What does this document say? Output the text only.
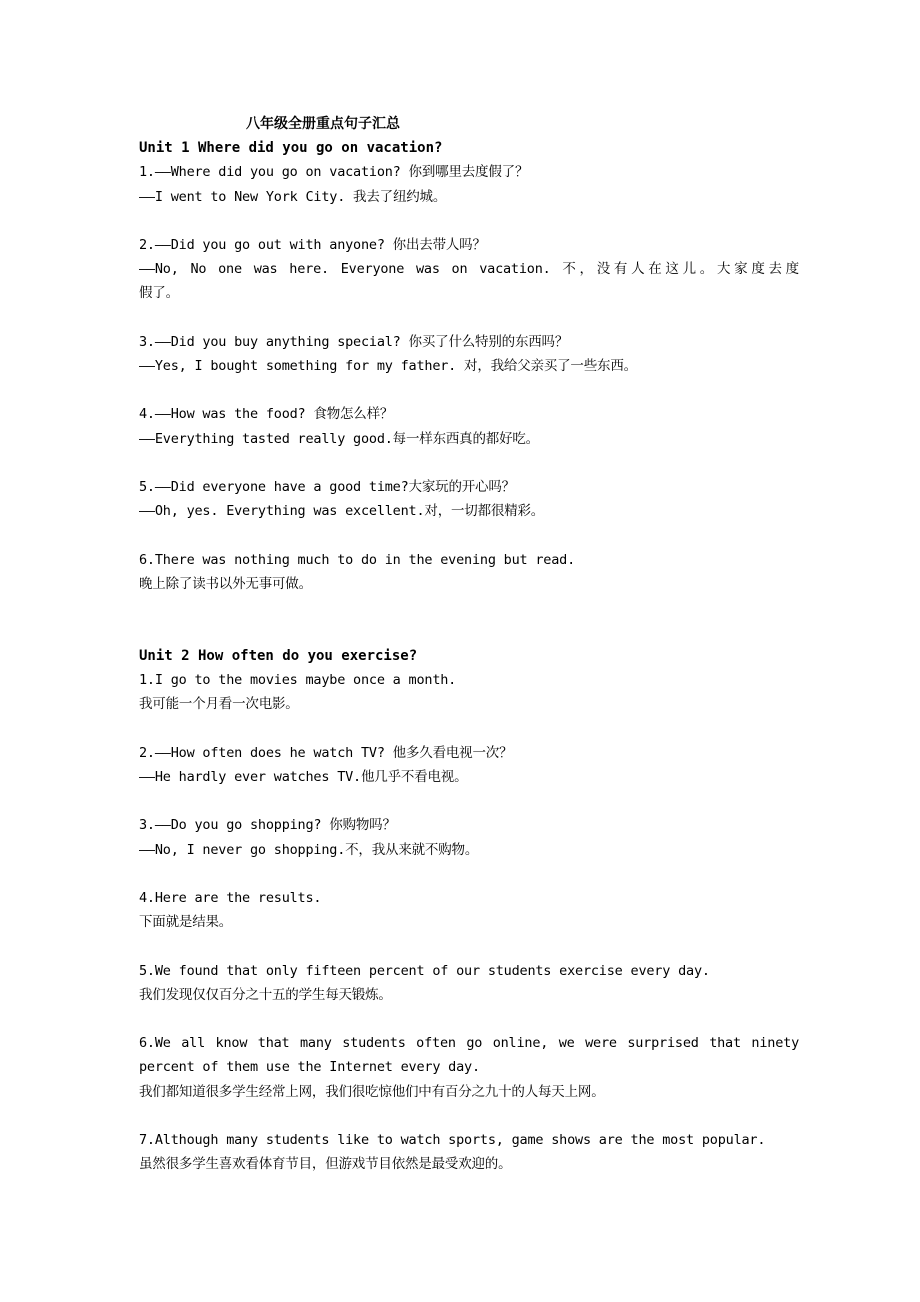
八年级全册重点句子汇总
Unit 1 Where did you go on vacation?
1.——Where did you go on vacation? 你到哪里去度假了？
——I went to New York City. 我去了纽约城。
2.——Did you go out with anyone? 你出去带人吗？
——No, No one was here. Everyone was on vacation. 不，没有人在这儿。大家度去度
假了。
3.——Did you buy anything special? 你买了什么特别的东西吗？
——Yes, I bought something for my father. 对，我给父亲买了一些东西。
4.——How was the food? 食物怎么样？
——Everything tasted really good.每一样东西真的都好吃。
5.——Did everyone have a good time?大家玩的开心吗？
——Oh, yes. Everything was excellent.对，一切都很精彩。
6.There was nothing much to do in the evening but read.
晚上除了读书以外无事可做。
Unit 2 How often do you exercise?
1.I go to the movies maybe once a month.
我可能一个月看一次电影。
2.——How often does he watch TV? 他多久看电视一次？
——He hardly ever watches TV.他几乎不看电视。
3.——Do you go shopping? 你购物吗？
——No, I never go shopping.不，我从来就不购物。
4.Here are the results.
下面就是结果。
5.We found that only fifteen percent of our students exercise every day.
我们发现仅仅百分之十五的学生每天锻炼。
6.We all know that many students often go online, we were surprised that ninety
percent of them use the Internet every day.
我们都知道很多学生经常上网，我们很吃惊他们中有百分之九十的人每天上网。
7.Although many students like to watch sports, game shows are the most popular.
虽然很多学生喜欢看体育节目，但游戏节目依然是最受欢迎的。
